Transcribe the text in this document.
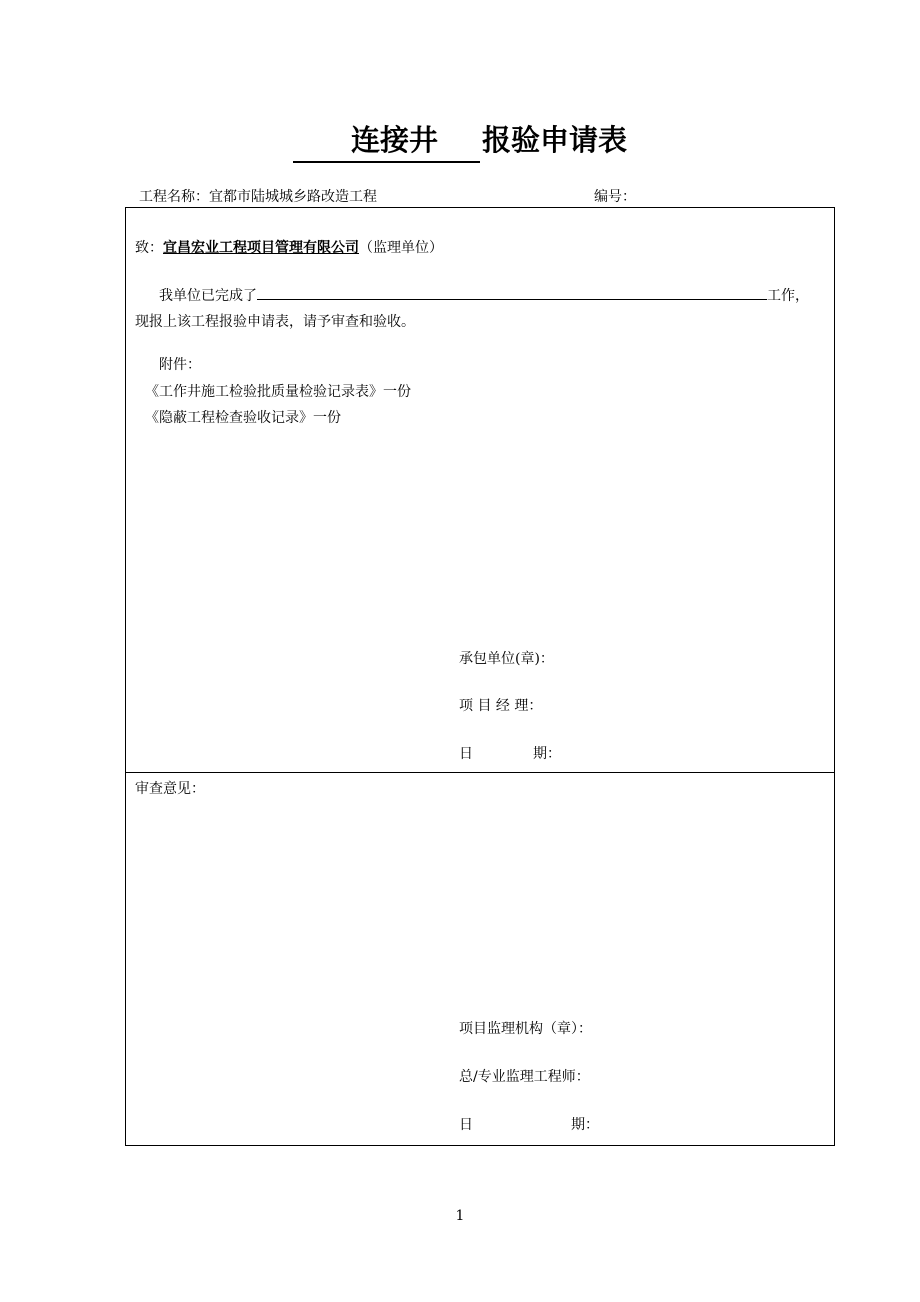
连接井 报验申请表
工程名称：宜都市陆城城乡路改造工程	编号：
致：宜昌宏业工程项目管理有限公司（监理单位）
我单位已完成了	工作，
现报上该工程报验申请表，请予审查和验收。
附件：
《工作井施工检验批质量检验记录表》一份
《隐蔽工程检查验收记录》一份
承包单位(章)：
项 目 经 理：
日	期：
审查意见：
项目监理机构（章）：
总/专业监理工程师：
日	期：
1
